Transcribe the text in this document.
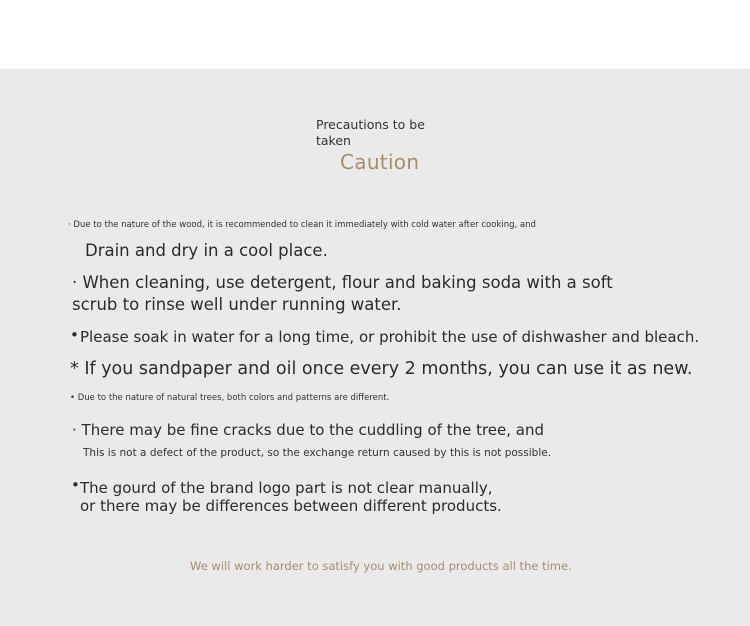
Precautions to be taken

Caution

· Due to the nature of the wood, it is recommended to clean it immediately with cold water after cooking, and

Drain and dry in a cool place.

· When cleaning, use detergent, flour and baking soda with a soft

scrub to rinse well under running water.

• Please soak in water for a long time, or prohibit the use of dishwasher and bleach.

* If you sandpaper and oil once every 2 months, you can use it as new.

• Due to the nature of natural trees, both colors and patterns are different.

· There may be fine cracks due to the cuddling of the tree, and

This is not a defect of the product, so the exchange return caused by this is not possible.

• The gourd of the brand logo part is not clear manually,

or there may be differences between different products.

We will work harder to satisfy you with good products all the time.
